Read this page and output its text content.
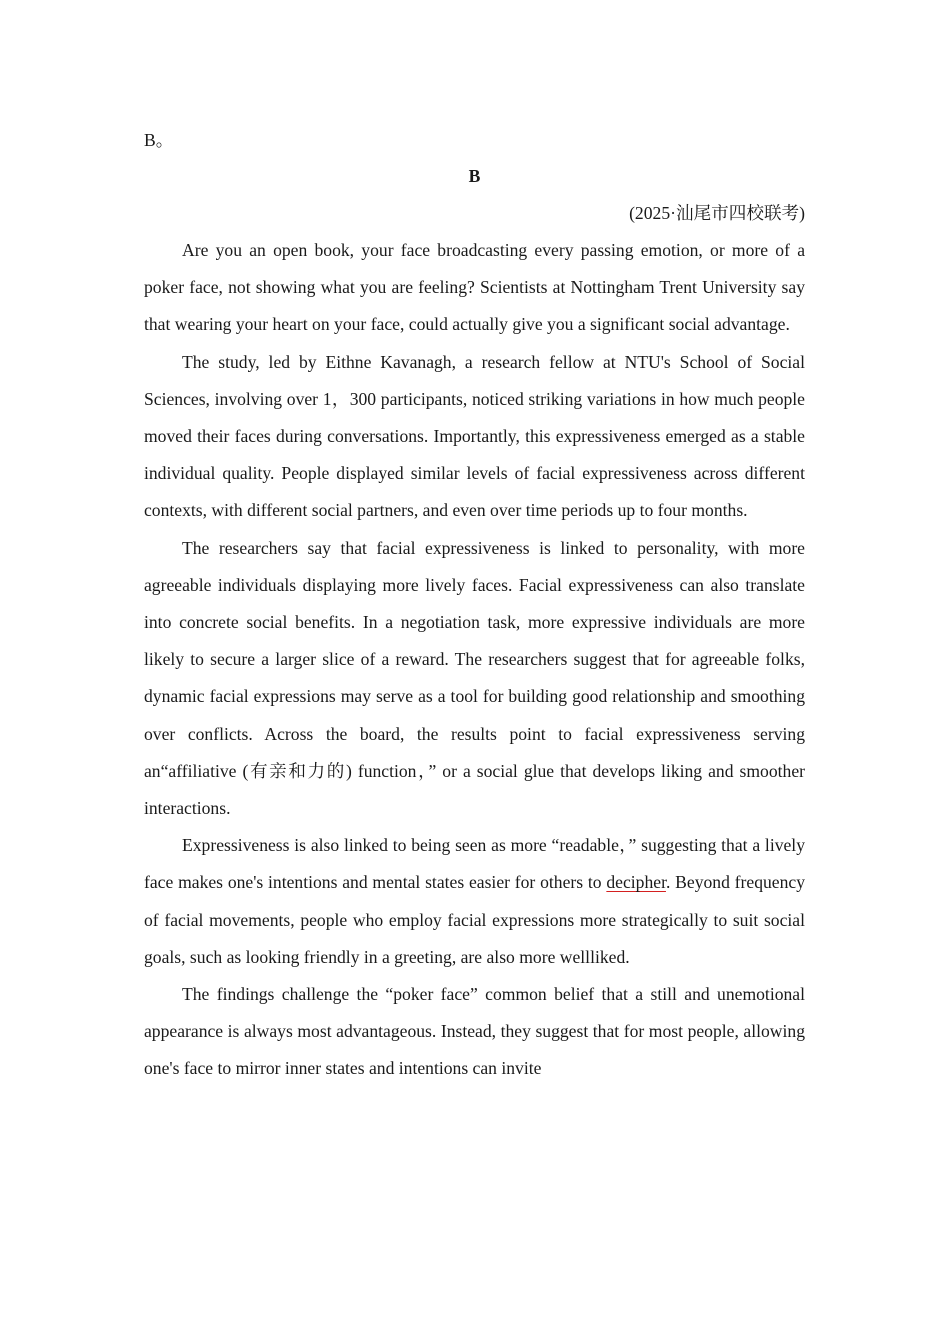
B。

B

(2025·汕尾市四校联考)

Are you an open book, your face broadcasting every passing emotion, or more of a poker face, not showing what you are feeling? Scientists at Nottingham Trent University say that wearing your heart on your face, could actually give you a significant social advantage.

The study, led by Eithne Kavanagh, a research fellow at NTU's School of Social Sciences, involving over 1，300 participants, noticed striking variations in how much people moved their faces during conversations. Importantly, this expressiveness emerged as a stable individual quality. People displayed similar levels of facial expressiveness across different contexts, with different social partners, and even over time periods up to four months.

The researchers say that facial expressiveness is linked to personality, with more agreeable individuals displaying more lively faces. Facial expressiveness can also translate into concrete social benefits. In a negotiation task, more expressive individuals are more likely to secure a larger slice of a reward. The researchers suggest that for agreeable folks, dynamic facial expressions may serve as a tool for building good relationship and smoothing over conflicts. Across the board, the results point to facial expressiveness serving an“affiliative (有亲和力的) function，” or a social glue that develops liking and smoother interactions.

Expressiveness is also linked to being seen as more “readable，” suggesting that a lively face makes one's intentions and mental states easier for others to decipher. Beyond frequency of facial movements, people who employ facial expressions more strategically to suit social goals, such as looking friendly in a greeting, are also more wellliked.

The findings challenge the “poker face” common belief that a still and unemotional appearance is always most advantageous. Instead, they suggest that for most people, allowing one's face to mirror inner states and intentions can invite
